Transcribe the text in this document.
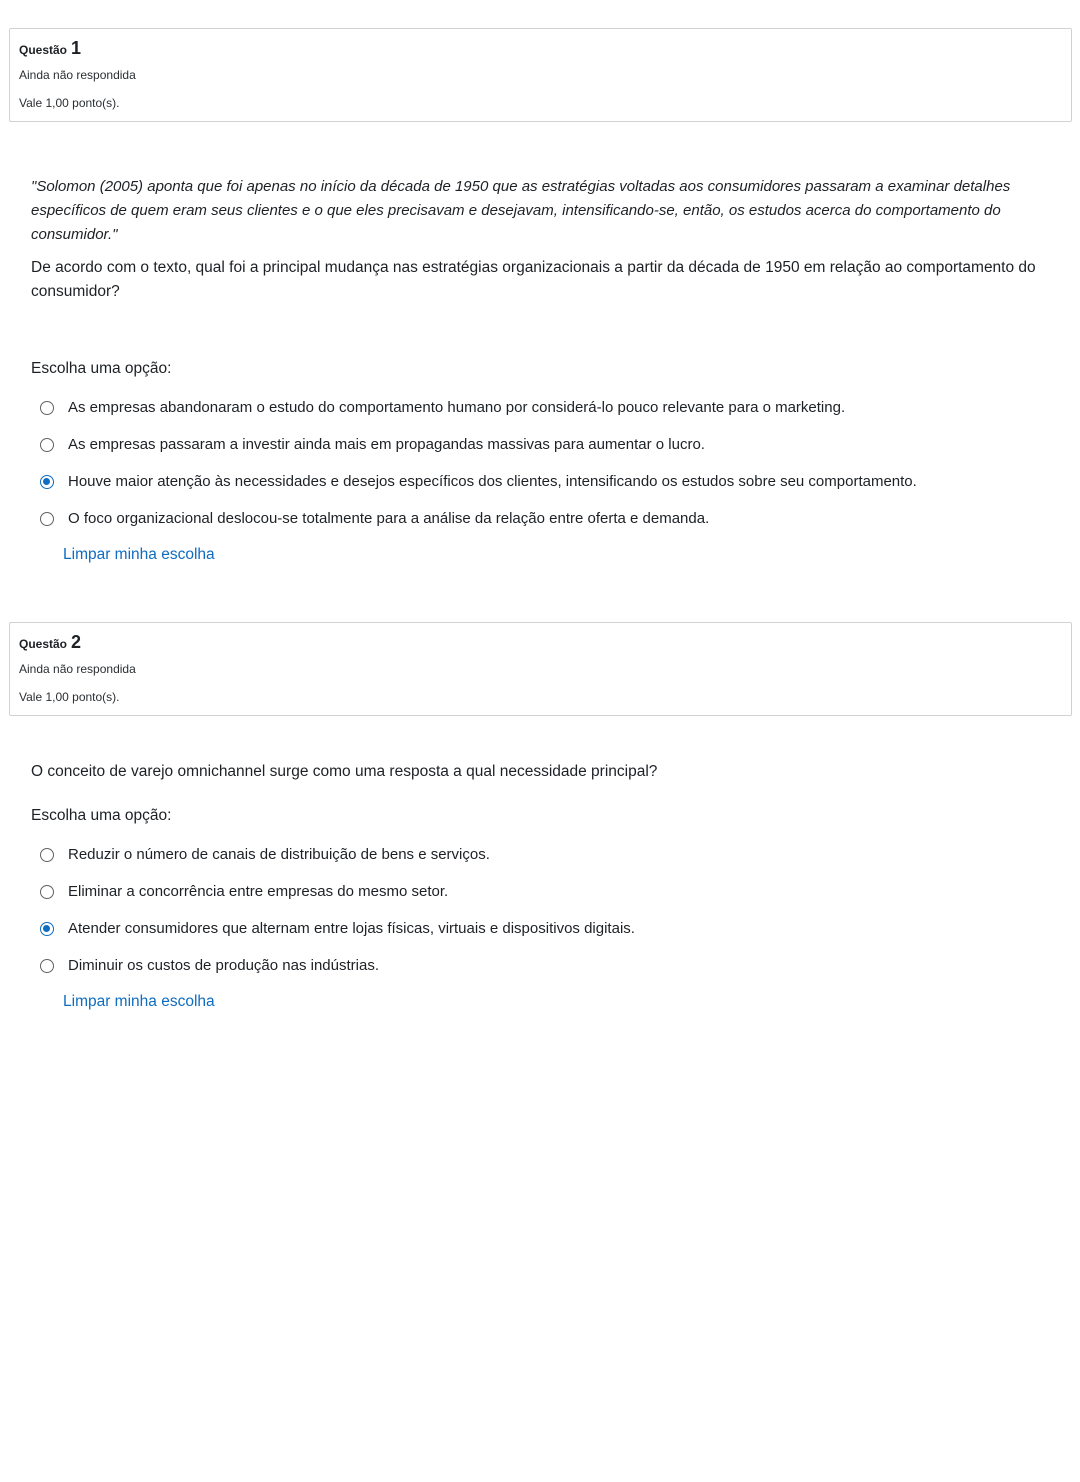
Questão 1
Ainda não respondida
Vale 1,00 ponto(s).

"Solomon (2005) aponta que foi apenas no início da década de 1950 que as estratégias voltadas aos consumidores passaram a examinar detalhes específicos de quem eram seus clientes e o que eles precisavam e desejavam, intensificando-se, então, os estudos acerca do comportamento do consumidor."

De acordo com o texto, qual foi a principal mudança nas estratégias organizacionais a partir da década de 1950 em relação ao comportamento do consumidor?

Escolha uma opção:
As empresas abandonaram o estudo do comportamento humano por considerá-lo pouco relevante para o marketing.
As empresas passaram a investir ainda mais em propagandas massivas para aumentar o lucro.
Houve maior atenção às necessidades e desejos específicos dos clientes, intensificando os estudos sobre seu comportamento.
O foco organizacional deslocou-se totalmente para a análise da relação entre oferta e demanda.
Limpar minha escolha
Questão 2
Ainda não respondida
Vale 1,00 ponto(s).

O conceito de varejo omnichannel surge como uma resposta a qual necessidade principal?

Escolha uma opção:
Reduzir o número de canais de distribuição de bens e serviços.
Eliminar a concorrência entre empresas do mesmo setor.
Atender consumidores que alternam entre lojas físicas, virtuais e dispositivos digitais.
Diminuir os custos de produção nas indústrias.
Limpar minha escolha
